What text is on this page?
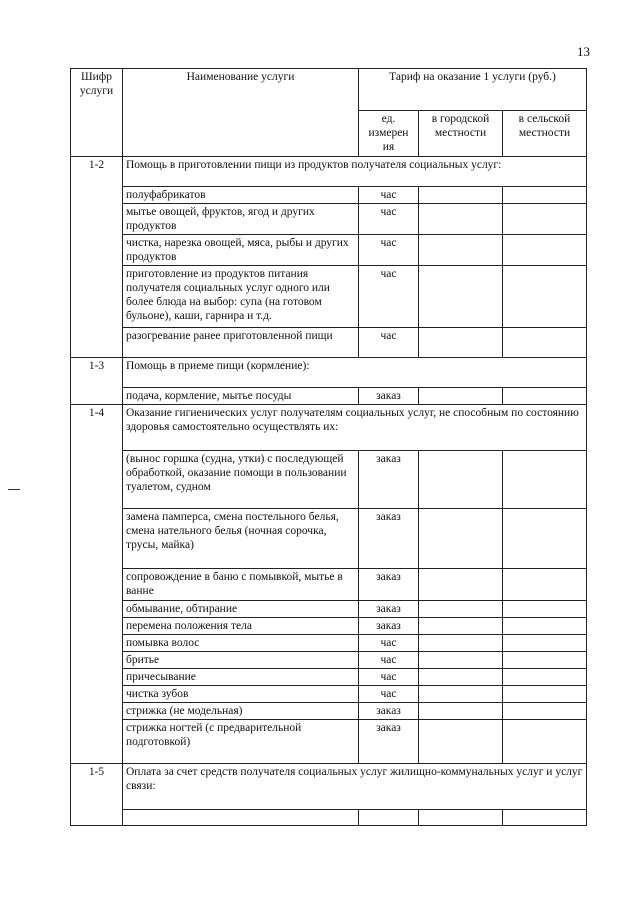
13
Шифр услуги	Наименование услуги	Тариф на оказание 1 услуги (руб.)		
		ед. измерен ия	в городской местности	в сельской местности
1-2	Помощь в приготовлении пищи из продуктов получателя социальных услуг:			
	полуфабрикатов	час		
	мытье овощей, фруктов, ягод и других продуктов	час		
	чистка, нарезка овощей, мяса, рыбы и других продуктов	час		
	приготовление из продуктов питания получателя социальных услуг одного или более блюда на выбор: супа (на готовом бульоне), каши, гарнира и т.д.	час		
	разогревание ранее приготовленной пищи	час		
1-3	Помощь в приеме пищи (кормление):			
	подача, кормление, мытье посуды	заказ		
1-4	Оказание гигиенических услуг получателям социальных услуг, не способным по состоянию здоровья самостоятельно осуществлять их:			
	(вынос горшка (судна, утки) с последующей обработкой, оказание помощи в пользовании туалетом, судном	заказ		
	замена памперса, смена постельного белья, смена нательного белья (ночная сорочка, трусы, майка)	заказ		
	сопровождение в баню с помывкой, мытье в ванне	заказ		
	обмывание, обтирание	заказ		
	перемена положения тела	заказ		
	помывка волос	час		
	бритье	час		
	причесывание	час		
	чистка зубов	час		
	стрижка (не модельная)	заказ		
	стрижка ногтей (с предварительной подготовкой)	заказ		
1-5	Оплата за счет средств получателя социальных услуг жилищно-коммунальных услуг и услуг связи:			
